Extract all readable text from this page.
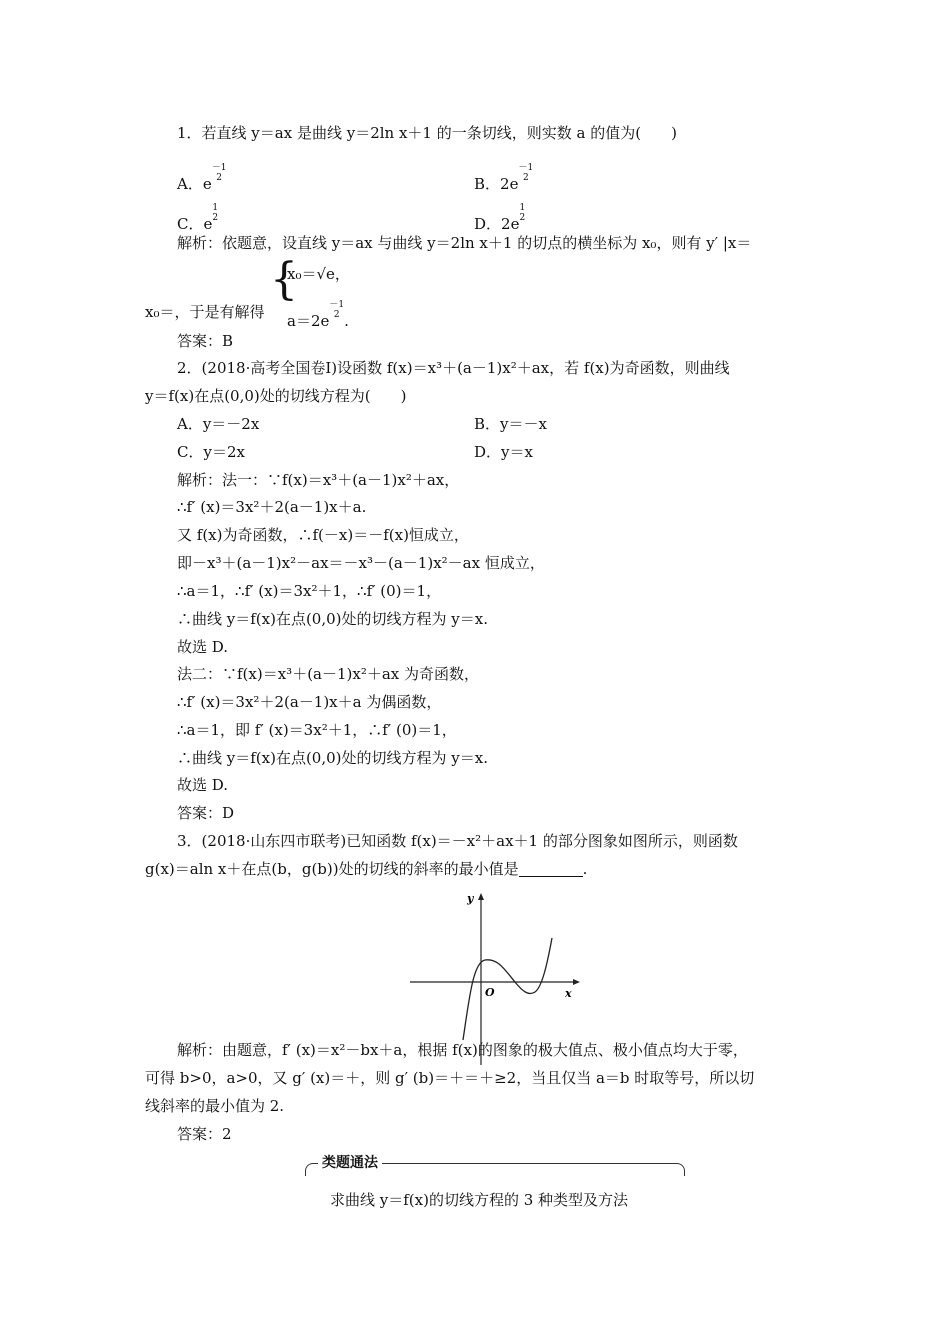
1．若直线 y＝ax 是曲线 y＝2ln x＋1 的一条切线，则实数 a 的值为(　　)
A．e
－1
2	B．2e
－1
2
C．e
1
2	D．2e
1
2
解析：依题意，设直线 y＝ax 与曲线 y＝2ln x＋1 的切点的横坐标为 x₀，则有 y′ |x＝
x₀＝，于是有解得
{
x₀＝√e，
a＝2e
－1
2 .
答案：B
2．(2018·高考全国卷Ⅰ)设函数 f(x)＝x³＋(a－1)x²＋ax，若 f(x)为奇函数，则曲线
y＝f(x)在点(0,0)处的切线方程为(　　)
A．y＝－2x	B．y＝－x
C．y＝2x	D．y＝x
解析：法一：∵f(x)＝x³＋(a－1)x²＋ax，
∴f′ (x)＝3x²＋2(a－1)x＋a.
又 f(x)为奇函数，∴f(－x)＝－f(x)恒成立，
即－x³＋(a－1)x²－ax＝－x³－(a－1)x²－ax 恒成立，
∴a＝1，∴f′ (x)＝3x²＋1，∴f′ (0)＝1，
∴曲线 y＝f(x)在点(0,0)处的切线方程为 y＝x.
故选 D.
法二：∵f(x)＝x³＋(a－1)x²＋ax 为奇函数，
∴f′ (x)＝3x²＋2(a－1)x＋a 为偶函数，
∴a＝1，即 f′ (x)＝3x²＋1，∴f′ (0)＝1，
∴曲线 y＝f(x)在点(0,0)处的切线方程为 y＝x.
故选 D.
答案：D
3．(2018·山东四市联考)已知函数 f(x)＝－x²＋ax＋1 的部分图象如图所示，则函数
g(x)＝aln x＋在点(b，g(b))处的切线的斜率的最小值是	.
y
x
O
解析：由题意，f′ (x)＝x²－bx＋a，根据 f(x)的图象的极大值点、极小值点均大于零，
可得 b>0，a>0，又 g′ (x)＝＋，则 g′ (b)＝＋＝＋≥2，当且仅当 a＝b 时取等号，所以切
线斜率的最小值为 2.
答案：2
类题通法
求曲线 y＝f(x)的切线方程的 3 种类型及方法
